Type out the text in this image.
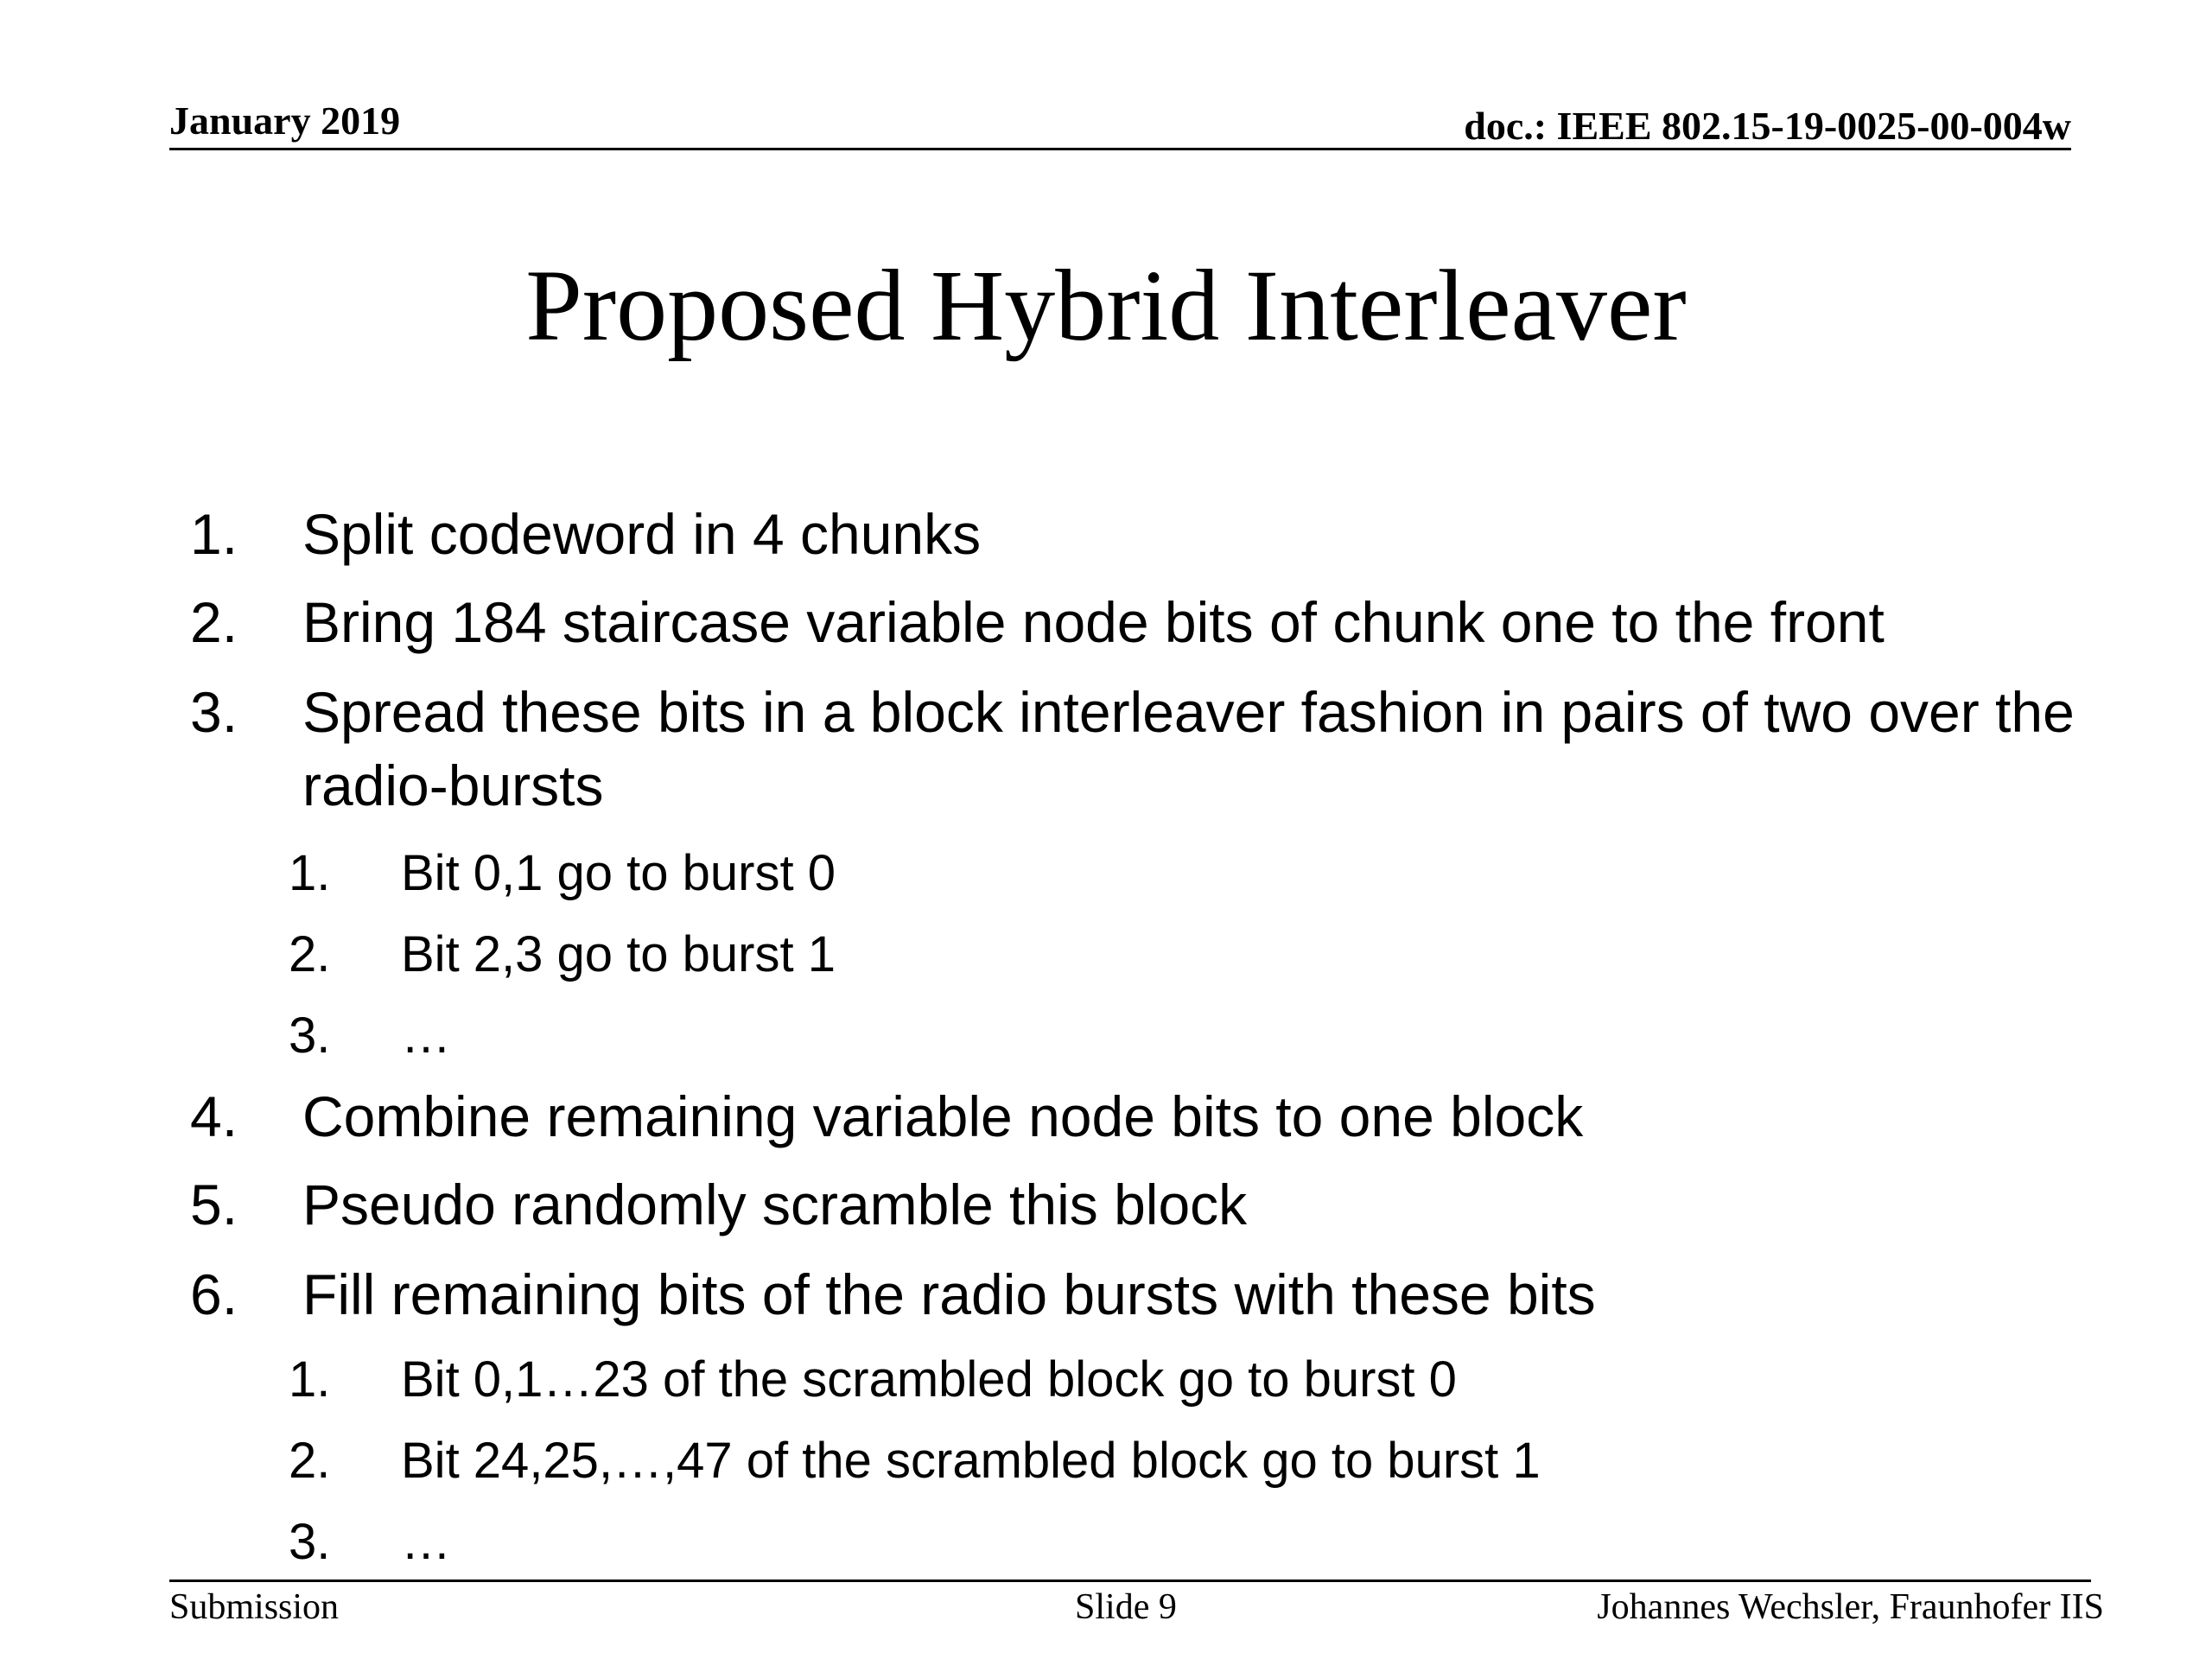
January 2019	doc.: IEEE 802.15-19-0025-00-004w
Proposed Hybrid Interleaver
1. Split codeword in 4 chunks
2. Bring 184 staircase variable node bits of chunk one to the front
3. Spread these bits in a block interleaver fashion in pairs of two over the radio-bursts
1. Bit 0,1 go to burst 0
2. Bit 2,3 go to burst 1
3. …
4. Combine remaining variable node bits to one block
5. Pseudo randomly scramble this block
6. Fill remaining bits of the radio bursts with these bits
1. Bit 0,1…23 of the scrambled block go to burst 0
2. Bit 24,25,…,47 of the scrambled block go to burst 1
3. …
Submission	Slide 9	Johannes Wechsler, Fraunhofer IIS
